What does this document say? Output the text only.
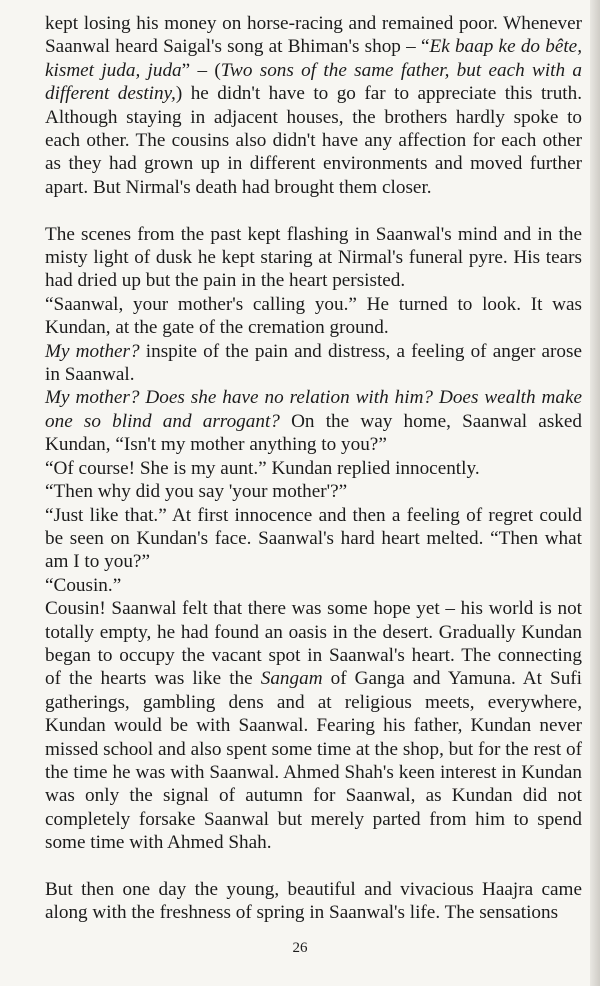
kept losing his money on horse-racing and remained poor. Whenever Saanwal heard Saigal's song at Bhiman's shop – “Ek baap ke do bête, kismet juda, juda” – (Two sons of the same father, but each with a different destiny,) he didn't have to go far to appreciate this truth. Although staying in adjacent houses, the brothers hardly spoke to each other. The cousins also didn't have any affection for each other as they had grown up in different environments and moved further apart. But Nirmal's death had brought them closer.

The scenes from the past kept flashing in Saanwal's mind and in the misty light of dusk he kept staring at Nirmal's funeral pyre. His tears had dried up but the pain in the heart persisted.

“Saanwal, your mother's calling you.” He turned to look. It was Kundan, at the gate of the cremation ground.

My mother? inspite of the pain and distress, a feeling of anger arose in Saanwal.

My mother? Does she have no relation with him? Does wealth make one so blind and arrogant? On the way home, Saanwal asked Kundan, “Isn't my mother anything to you?”

“Of course! She is my aunt.” Kundan replied innocently.

“Then why did you say 'your mother'?”

“Just like that.” At first innocence and then a feeling of regret could be seen on Kundan's face. Saanwal's hard heart melted. “Then what am I to you?”

“Cousin.”

Cousin! Saanwal felt that there was some hope yet – his world is not totally empty, he had found an oasis in the desert. Gradually Kundan began to occupy the vacant spot in Saanwal's heart. The connecting of the hearts was like the Sangam of Ganga and Yamuna. At Sufi gatherings, gambling dens and at religious meets, everywhere, Kundan would be with Saanwal. Fearing his father, Kundan never missed school and also spent some time at the shop, but for the rest of the time he was with Saanwal. Ahmed Shah's keen interest in Kundan was only the signal of autumn for Saanwal, as Kundan did not completely forsake Saanwal but merely parted from him to spend some time with Ahmed Shah.

But then one day the young, beautiful and vivacious Haajra came along with the freshness of spring in Saanwal's life. The sensations

26
